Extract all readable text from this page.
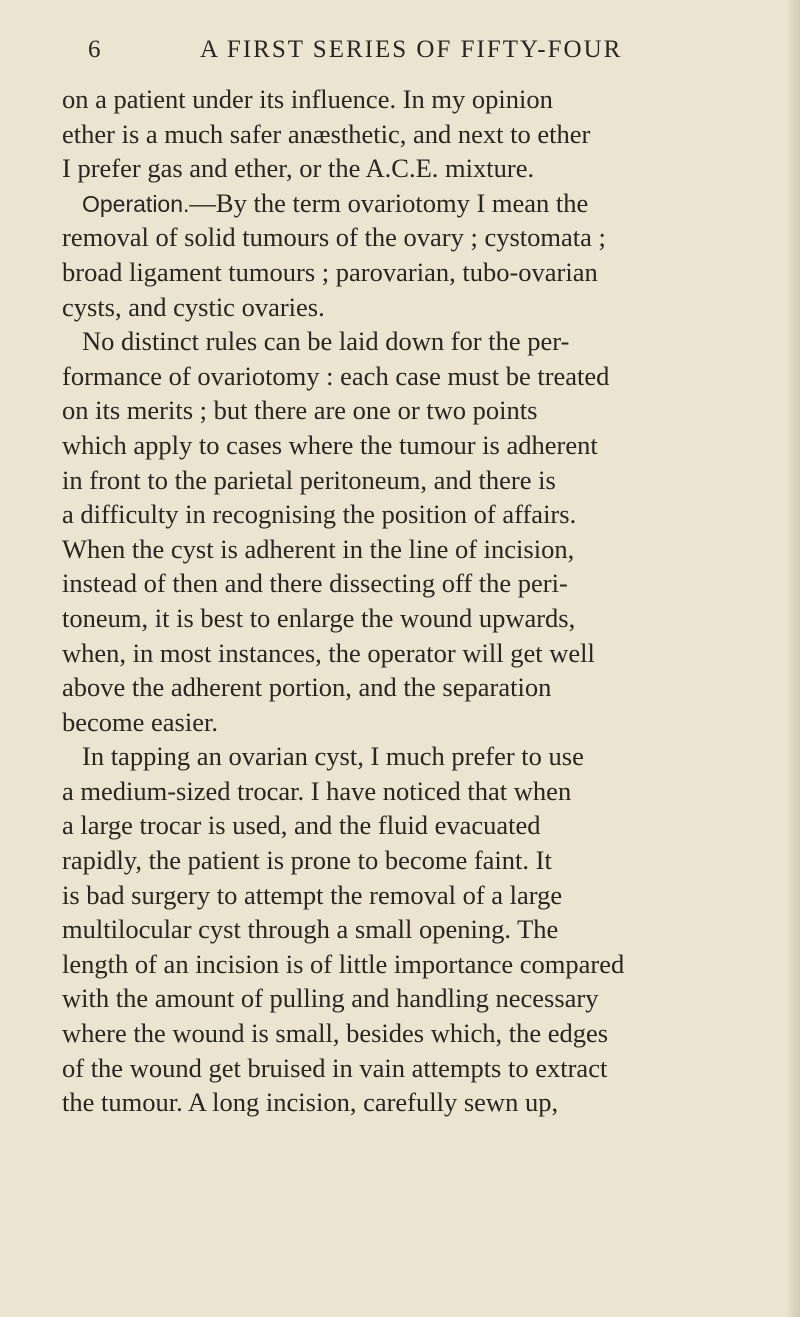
6	A FIRST SERIES OF FIFTY-FOUR
on a patient under its influence. In my opinion
ether is a much safer anæsthetic, and next to ether
I prefer gas and ether, or the A.C.E. mixture.
Operation.—By the term ovariotomy I mean the
removal of solid tumours of the ovary ; cystomata ;
broad ligament tumours ; parovarian, tubo-ovarian
cysts, and cystic ovaries.
No distinct rules can be laid down for the per-
formance of ovariotomy : each case must be treated
on its merits ; but there are one or two points
which apply to cases where the tumour is adherent
in front to the parietal peritoneum, and there is
a difficulty in recognising the position of affairs.
When the cyst is adherent in the line of incision,
instead of then and there dissecting off the peri-
toneum, it is best to enlarge the wound upwards,
when, in most instances, the operator will get well
above the adherent portion, and the separation
become easier.
In tapping an ovarian cyst, I much prefer to use
a medium-sized trocar. I have noticed that when
a large trocar is used, and the fluid evacuated
rapidly, the patient is prone to become faint. It
is bad surgery to attempt the removal of a large
multilocular cyst through a small opening. The
length of an incision is of little importance compared
with the amount of pulling and handling necessary
where the wound is small, besides which, the edges
of the wound get bruised in vain attempts to extract
the tumour. A long incision, carefully sewn up,
